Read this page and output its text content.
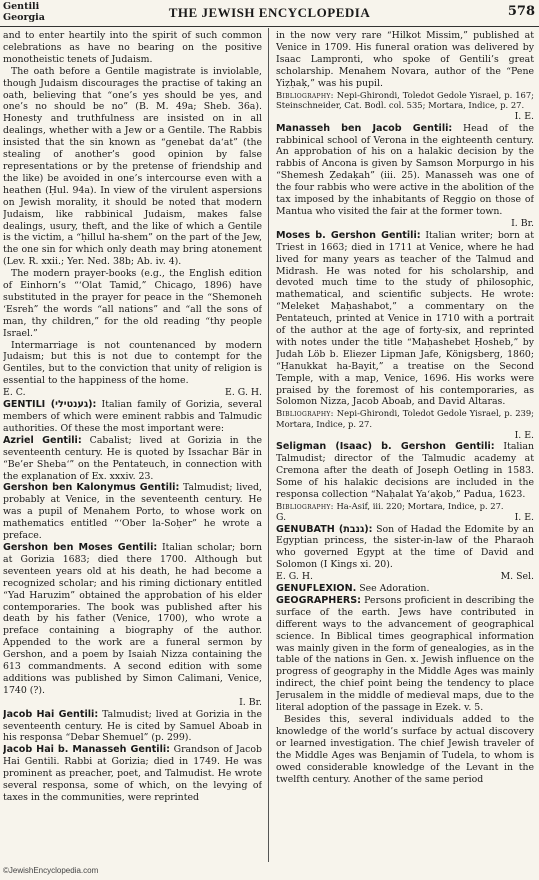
Gentili
Georgia	THE JEWISH ENCYCLOPEDIA	578

and to enter heartily into the spirit of such common celebrations as have no bearing on the positive monotheistic tenets of Judaism.

The oath before a Gentile magistrate is inviolable, though Judaism discourages the practise of taking an oath, believing that “one’s yes should be yes, and one’s no should be no” (B. M. 49a; Sheb. 36a). Honesty and truthfulness are insisted on in all dealings, whether with a Jew or a Gentile. The Rabbis insisted that the sin known as “genebat da‘at” (the stealing of another’s good opinion by false representations or by the pretense of friendship and the like) be avoided in one’s intercourse even with a heathen (Ḥul. 94a). In view of the virulent aspersions on Jewish morality, it should be noted that modern Judaism, like rabbinical Judaism, makes false dealings, usury, theft, and the like of which a Gentile is the victim, a “ḥillul ha-shem” on the part of the Jew, the one sin for which only death may bring atonement (Lev. R. xxii.; Yer. Ned. 38b; Ab. iv. 4).

The modern prayer-books (e.g., the English edition of Einhorn’s “‘Olat Tamid,” Chicago, 1896) have substituted in the prayer for peace in the “Shemoneh ‘Esreh” the words “all nations” and “all the sons of man, thy children,” for the old reading “thy people Israel.”

Intermarriage is not countenanced by modern Judaism; but this is not due to contempt for the Gentiles, but to the conviction that unity of religion is essential to the happiness of the home.

E. C.	E. G. H.

GENTILI (גענטילי): Italian family of Gorizia, several members of which were eminent rabbis and Talmudic authorities. Of these the most important were:

Azriel Gentili: Cabalist; lived at Gorizia in the seventeenth century. He is quoted by Issachar Bär in “Be’er Sheba‘” on the Pentateuch, in connection with the explanation of Ex. xxxiv. 23.

Gershon ben Kalonymus Gentili: Talmudist; lived, probably at Venice, in the seventeenth century. He was a pupil of Menahem Porto, to whose work on mathematics entitled “‘Ober la-Soḥer” he wrote a preface.

Gershon ben Moses Gentili: Italian scholar; born at Gorizia 1683; died there 1700. Although but seventeen years old at his death, he had become a recognized scholar; and his riming dictionary entitled “Yad Haruzim” obtained the approbation of his elder contemporaries. The book was published after his death by his father (Venice, 1700), who wrote a preface containing a biography of the author. Appended to the work are a funeral sermon by Gershon, and a poem by Isaiah Nizza containing the 613 commandments. A second edition with some additions was published by Simon Calimani, Venice, 1740 (?).

I. Br.

Jacob Hai Gentili: Talmudist; lived at Gorizia in the seventeenth century. He is cited by Samuel Aboab in his responsa “Debar Shemuel” (p. 299).

Jacob Hai b. Manasseh Gentili: Grandson of Jacob Hai Gentili. Rabbi at Gorizia; died in 1749. He was prominent as preacher, poet, and Talmudist. He wrote several responsa, some of which, on the levying of taxes in the communities, were reprinted

in the now very rare “Hilkot Missim,” published at Venice in 1709. His funeral oration was delivered by Isaac Lampronti, who spoke of Gentili’s great scholarship. Menahem Novara, author of the “Pene Yiẓḥaḳ,” was his pupil.

Bibliography: Nepi-Ghirondi, Toledot Gedole Yisrael, p. 167; Steinschneider, Cat. Bodl. col. 535; Mortara, Indice, p. 27.

I. E.

Manasseh ben Jacob Gentili: Head of the rabbinical school of Verona in the eighteenth century. An approbation of his on a halakic decision by the rabbis of Ancona is given by Samson Morpurgo in his “Shemesh Ẓedaḳah” (iii. 25). Manasseh was one of the four rabbis who were active in the abolition of the tax imposed by the inhabitants of Reggio on those of Mantua who visited the fair at the former town.

I. Br.

Moses b. Gershon Gentili: Italian writer; born at Triest in 1663; died in 1711 at Venice, where he had lived for many years as teacher of the Talmud and Midrash. He was noted for his scholarship, and devoted much time to the study of philosophic, mathematical, and scientific subjects. He wrote: “Meleket Maḥashabot,” a commentary on the Pentateuch, printed at Venice in 1710 with a portrait of the author at the age of forty-six, and reprinted with notes under the title “Maḥashebet Ḥosheb,” by Judah Löb b. Eliezer Lipman Jafe, Königsberg, 1860; “Ḥanukkat ha-Bayit,” a treatise on the Second Temple, with a map, Venice, 1696. His works were praised by the foremost of his contemporaries, as Solomon Nizza, Jacob Aboab, and David Altaras.

Bibliography: Nepi-Ghirondi, Toledot Gedole Yisrael, p. 239; Mortara, Indice, p. 27.

I. E.

Seligman (Isaac) b. Gershon Gentili: Italian Talmudist; director of the Talmudic academy at Cremona after the death of Joseph Oetling in 1583. Some of his halakic decisions are included in the responsa collection “Naḥalat Ya‘aḳob,” Padua, 1623.

Bibliography: Ha-Asif, iii. 220; Mortara, Indice, p. 27.

G.	I. E.

GENUBATH (גנבת): Son of Hadad the Edomite by an Egyptian princess, the sister-in-law of the Pharaoh who governed Egypt at the time of David and Solomon (I Kings xi. 20).

E. G. H.	M. Sel.

GENUFLEXION. See Adoration.

GEOGRAPHERS: Persons proficient in describing the surface of the earth. Jews have contributed in different ways to the advancement of geographical science. In Biblical times geographical information was mainly given in the form of genealogies, as in the table of the nations in Gen. x. Jewish influence on the progress of geography in the Middle Ages was mainly indirect, the chief point being the tendency to place Jerusalem in the middle of medieval maps, due to the literal adoption of the passage in Ezek. v. 5.

Besides this, several individuals added to the knowledge of the world’s surface by actual discovery or learned investigation. The chief Jewish traveler of the Middle Ages was Benjamin of Tudela, to whom is owed considerable knowledge of the Levant in the twelfth century. Another of the same period

©JewishEncyclopedia.com
